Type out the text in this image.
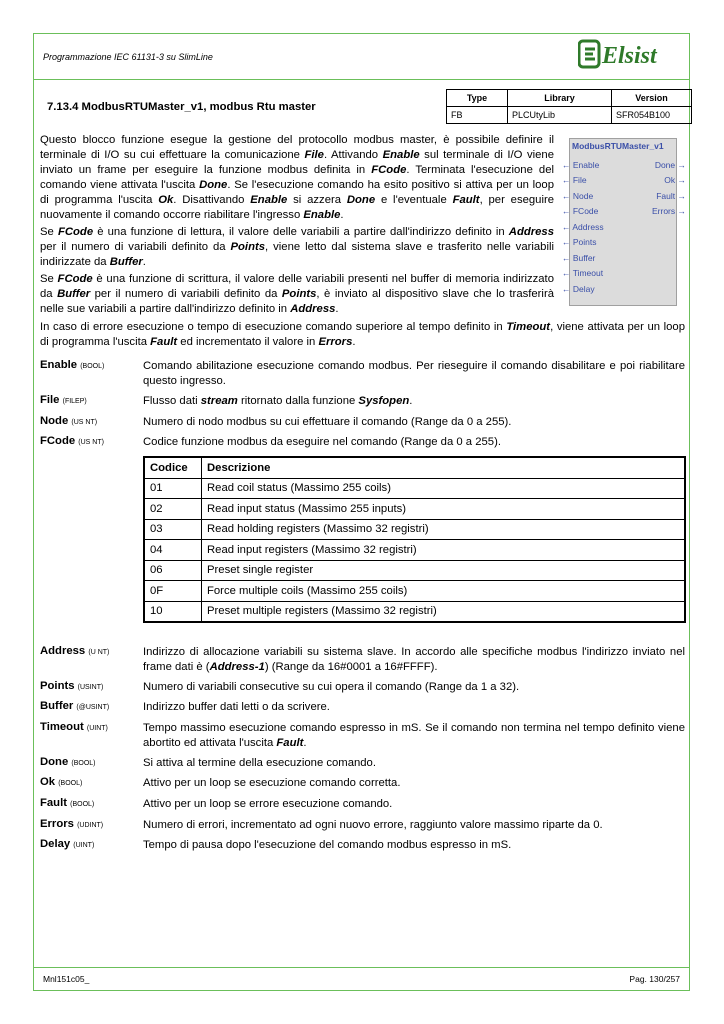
Programmazione IEC 61131-3 su SlimLine	Elsist
7.13.4 ModbusRTUMaster_v1, modbus Rtu master
Type	Library	Version
FB	PLCUtyLib	SFR054B100
Questo blocco funzione esegue la gestione del protocollo modbus master, è possibile definire il terminale di I/O su cui effettuare la comunicazione File. Attivando Enable sul terminale di I/O viene inviato un frame per eseguire la funzione modbus definita in FCode. Terminata l'esecuzione del comando viene attivata l'uscita Done. Se l'esecuzione comando ha esito positivo si attiva per un loop di programma l'uscita Ok. Disattivando Enable si azzera Done e l'eventuale Fault, per eseguire nuovamente il comando occorre riabilitare l'ingresso Enable.
Se FCode è una funzione di lettura, il valore delle variabili a partire dall'indirizzo definito in Address per il numero di variabili definito da Points, viene letto dal sistema slave e trasferito nelle variabili indirizzate da Buffer.
Se FCode è una funzione di scrittura, il valore delle variabili presenti nel buffer di memoria indirizzato da Buffer per il numero di variabili definito da Points, è inviato al dispositivo slave che lo trasferirà nelle sue variabili a partire dall'indirizzo definito in Address.
In caso di errore esecuzione o tempo di esecuzione comando superiore al tempo definito in Timeout, viene attivata per un loop di programma l'uscita Fault ed incrementato il valore in Errors.
ModbusRTUMaster_v1
← Enable
← File
← Node
← FCode
← Address
← Points
← Buffer
← Timeout
← Delay
Done →
Ok →
Fault →
Errors →
Enable (BOOL)	Comando abilitazione esecuzione comando modbus. Per rieseguire il comando disabilitare e poi riabilitare questo ingresso.
File (FILEP)	Flusso dati stream ritornato dalla funzione Sysfopen.
Node (US NT)	Numero di nodo modbus su cui effettuare il comando (Range da 0 a 255).
FCode (US NT)	Codice funzione modbus da eseguire nel comando (Range da 0 a 255).
Address (U NT)	Indirizzo di allocazione variabili su sistema slave. In accordo alle specifiche modbus l'indirizzo inviato nel frame dati è (Address-1) (Range da 16#0001 a 16#FFFF).
Points (USINT)	Numero di variabili consecutive su cui opera il comando (Range da 1 a 32).
Buffer (@USINT)	Indirizzo buffer dati letti o da scrivere.
Timeout (UINT)	Tempo massimo esecuzione comando espresso in mS. Se il comando non termina nel tempo definito viene abortito ed attivata l'uscita Fault.
Done (BOOL)	Si attiva al termine della esecuzione comando.
Ok (BOOL)	Attivo per un loop se esecuzione comando corretta.
Fault (BOOL)	Attivo per un loop se errore esecuzione comando.
Errors (UDINT)	Numero di errori, incrementato ad ogni nuovo errore, raggiunto valore massimo riparte da 0.
Delay (UINT)	Tempo di pausa dopo l'esecuzione del comando modbus espresso in mS.
Codice	Descrizione
01	Read coil status (Massimo 255 coils)
02	Read input status (Massimo 255 inputs)
03	Read holding registers (Massimo 32 registri)
04	Read input registers (Massimo 32 registri)
06	Preset single register
0F	Force multiple coils (Massimo 255 coils)
10	Preset multiple registers (Massimo 32 registri)
Mnl151c05_	Pag. 130/257
